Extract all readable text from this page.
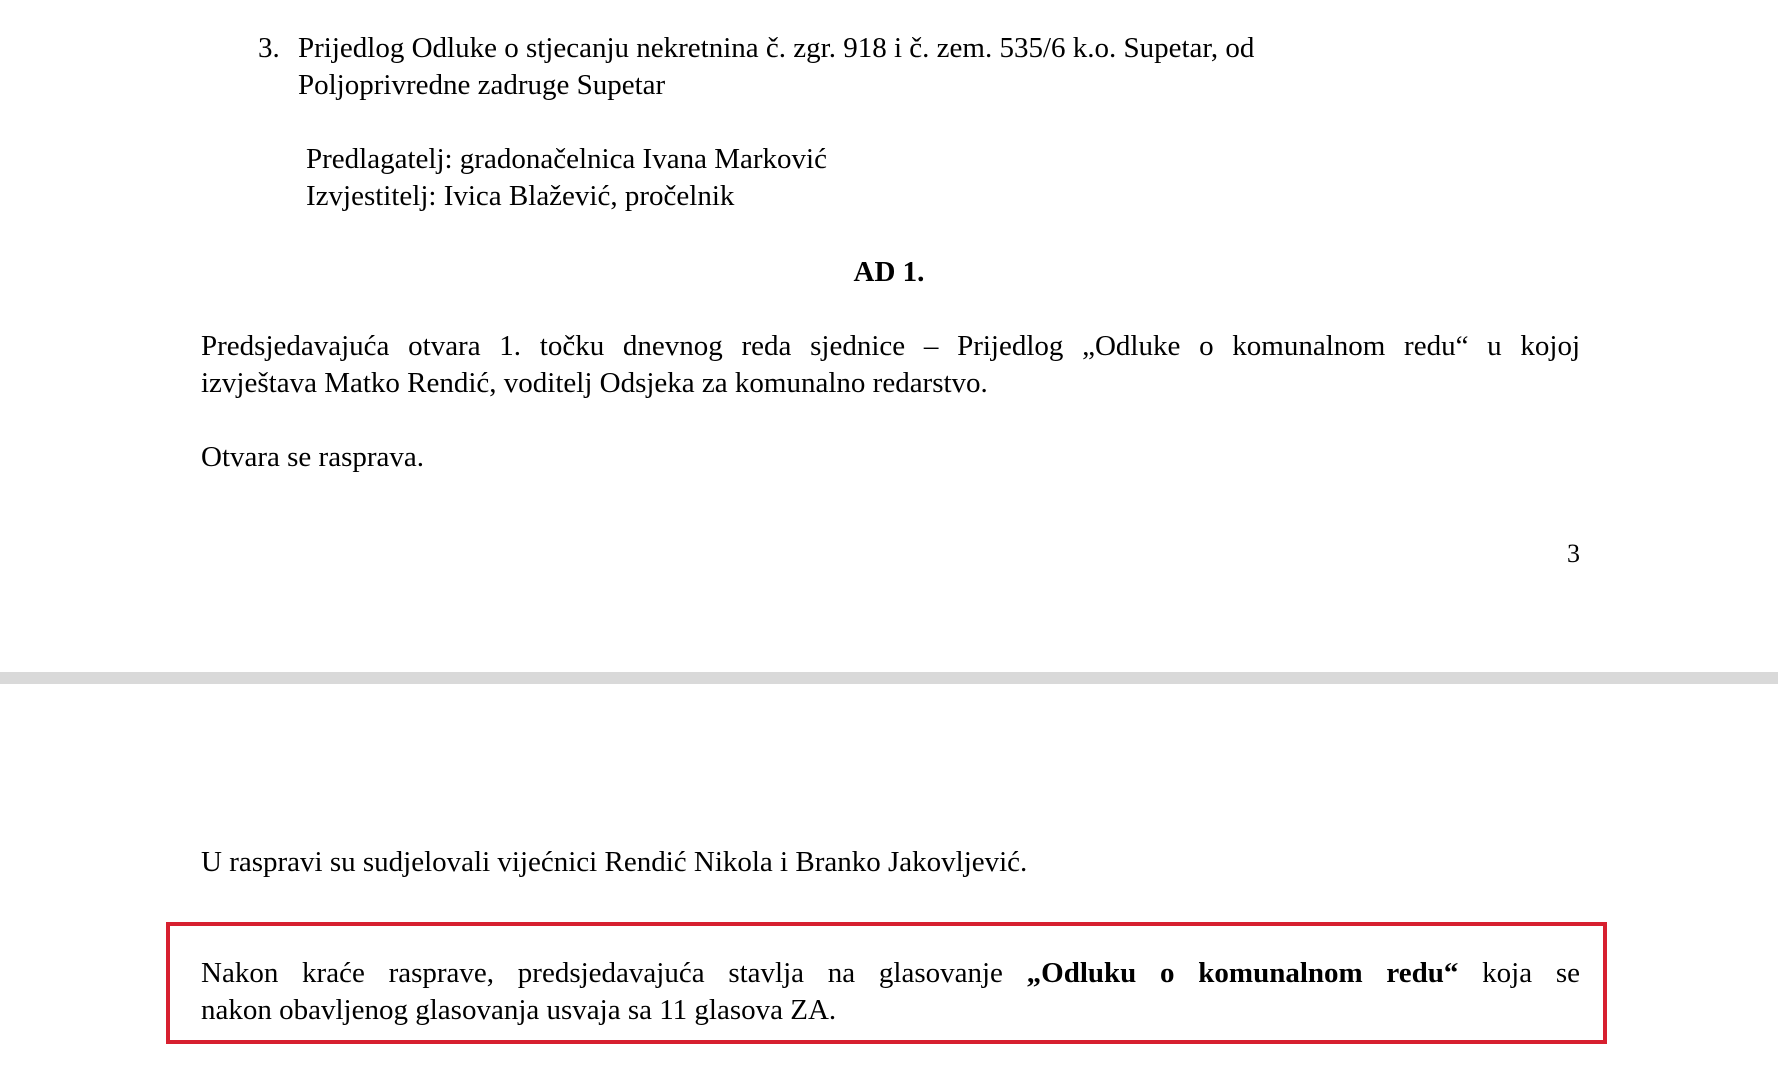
3. Prijedlog Odluke o stjecanju nekretnina č. zgr. 918 i č. zem. 535/6 k.o. Supetar, od
Poljoprivredne zadruge Supetar
Predlagatelj: gradonačelnica Ivana Marković
Izvjestitelj: Ivica Blažević, pročelnik
AD 1.
Predsjedavajuća otvara 1. točku dnevnog reda sjednice – Prijedlog „Odluke o komunalnom redu“ u kojoj
izvještava Matko Rendić, voditelj Odsjeka za komunalno redarstvo.
Otvara se rasprava.
3
U raspravi su sudjelovali vijećnici Rendić Nikola i Branko Jakovljević.
Nakon kraće rasprave, predsjedavajuća stavlja na glasovanje „Odluku o komunalnom redu“ koja se
nakon obavljenog glasovanja usvaja sa 11 glasova ZA.
